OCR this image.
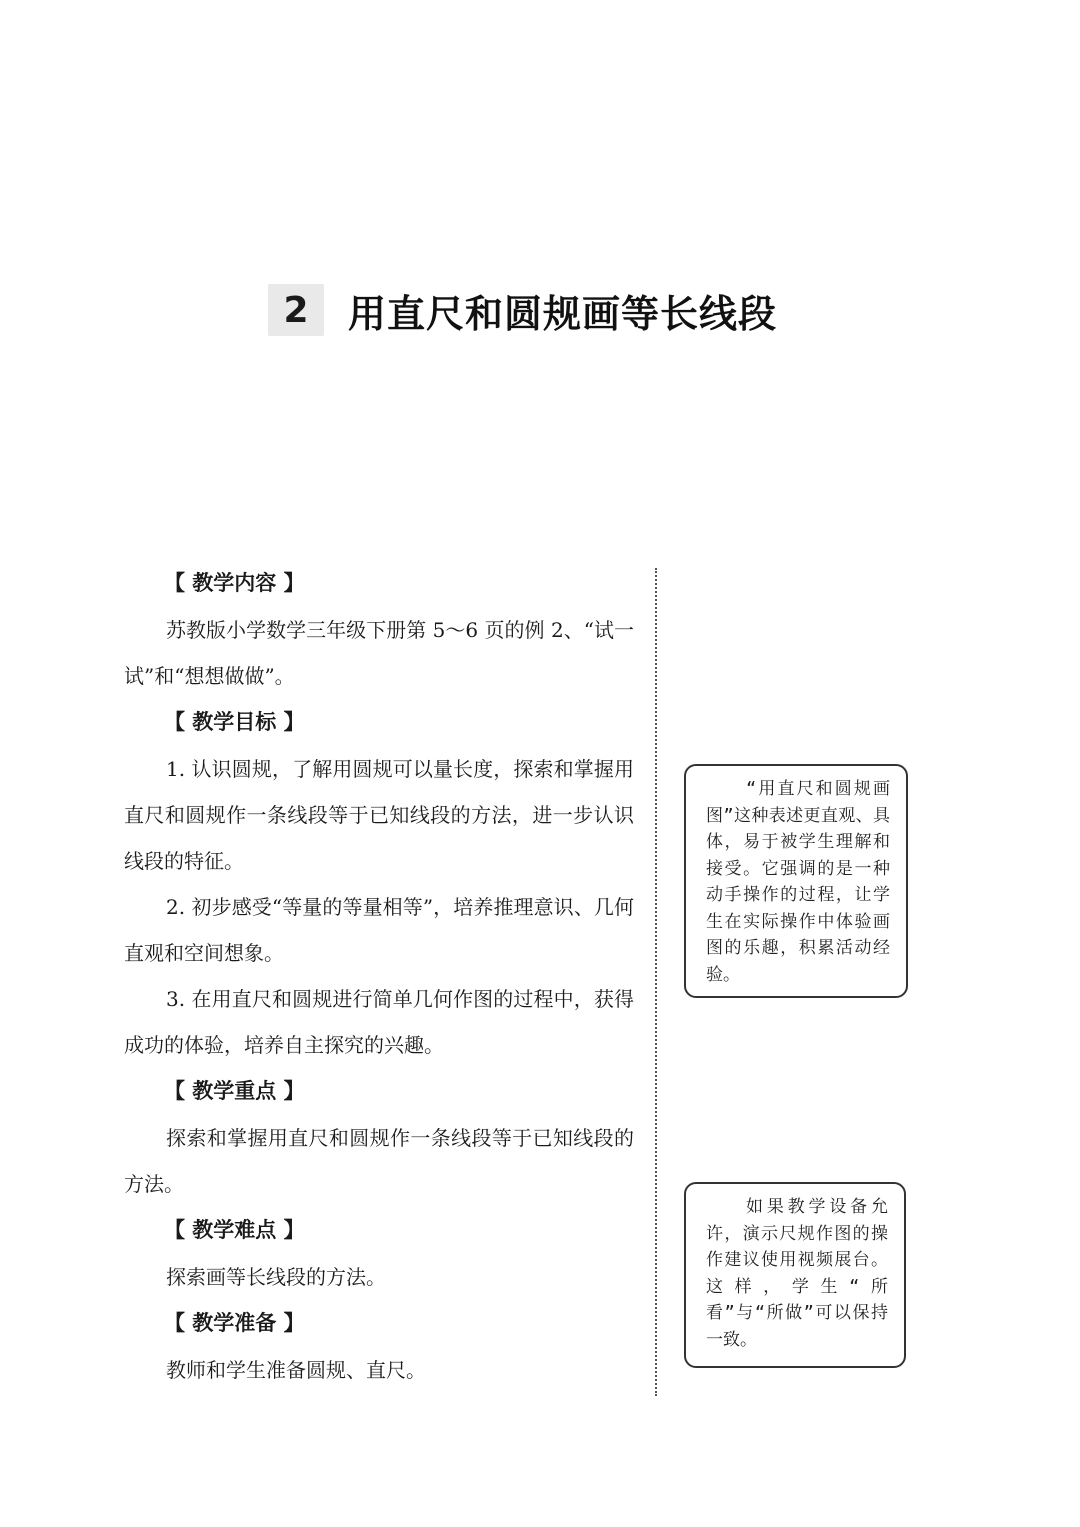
2	用直尺和圆规画等长线段
【 教学内容 】

苏教版小学数学三年级下册第 5～6 页的例 2、“试一试”和“想想做做”。

【 教学目标 】

1. 认识圆规，了解用圆规可以量长度，探索和掌握用直尺和圆规作一条线段等于已知线段的方法，进一步认识线段的特征。

2. 初步感受“等量的等量相等”，培养推理意识、几何直观和空间想象。

3. 在用直尺和圆规进行简单几何作图的过程中，获得成功的体验，培养自主探究的兴趣。

【 教学重点 】

探索和掌握用直尺和圆规作一条线段等于已知线段的方法。

【 教学难点 】

探索画等长线段的方法。

【 教学准备 】

教师和学生准备圆规、直尺。

“用直尺和圆规画图”这种表述更直观、具体，易于被学生理解和接受。它强调的是一种动手操作的过程，让学生在实际操作中体验画图的乐趣，积累活动经验。
如果教学设备允许，演示尺规作图的操作建议使用视频展台。这样，学生“所看”与“所做”可以保持一致。
